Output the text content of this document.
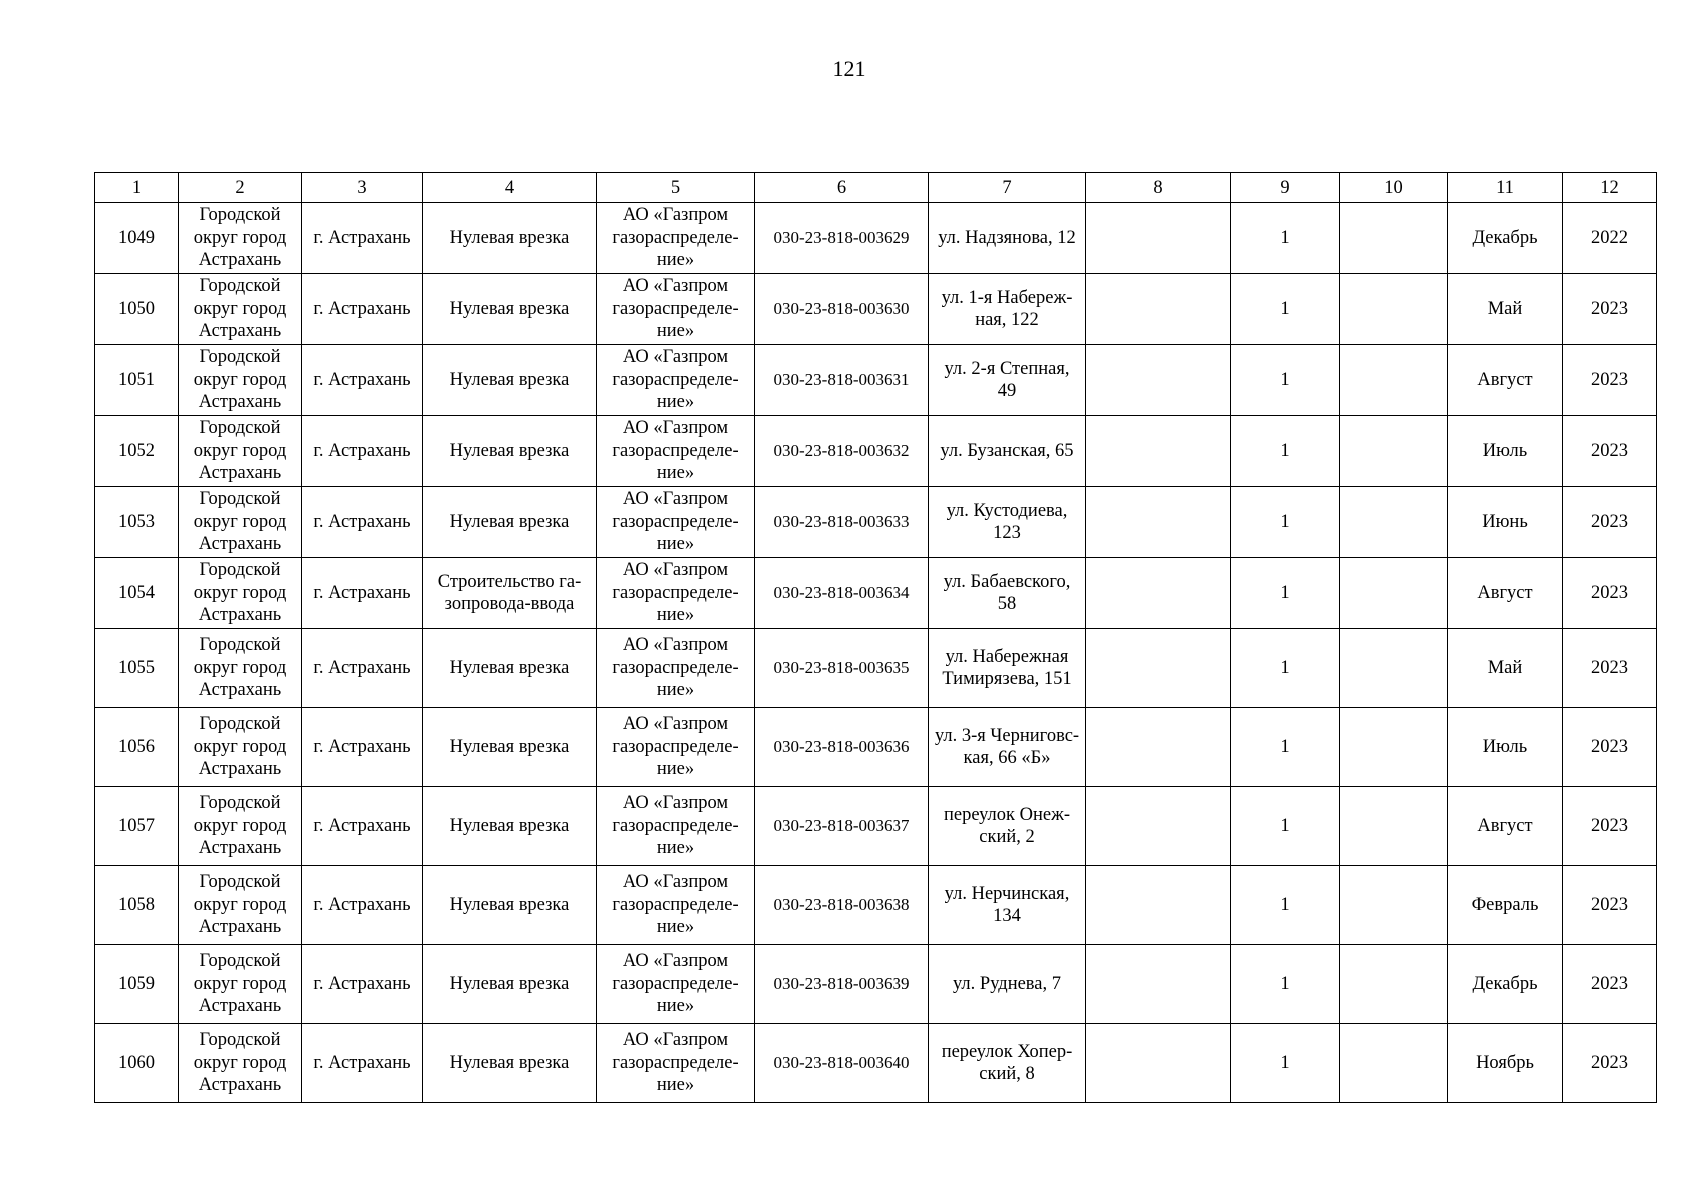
121
1	2	3	4	5	6	7	8	9	10	11	12
1049	Городской
округ город
Астрахань	г. Астрахань	Нулевая врезка	АО «Газпром
газораспределе-
ние»	030-23-818-003629	ул. Надзянова, 12		1		Декабрь	2022
1050	Городской
округ город
Астрахань	г. Астрахань	Нулевая врезка	АО «Газпром
газораспределе-
ние»	030-23-818-003630	ул. 1-я Набереж-
ная, 122		1		Май	2023
1051	Городской
округ город
Астрахань	г. Астрахань	Нулевая врезка	АО «Газпром
газораспределе-
ние»	030-23-818-003631	ул. 2-я Степная,
49		1		Август	2023
1052	Городской
округ город
Астрахань	г. Астрахань	Нулевая врезка	АО «Газпром
газораспределе-
ние»	030-23-818-003632	ул. Бузанская, 65		1		Июль	2023
1053	Городской
округ город
Астрахань	г. Астрахань	Нулевая врезка	АО «Газпром
газораспределе-
ние»	030-23-818-003633	ул. Кустодиева,
123		1		Июнь	2023
1054	Городской
округ город
Астрахань	г. Астрахань	Строительство га-
зопровода-ввода	АО «Газпром
газораспределе-
ние»	030-23-818-003634	ул. Бабаевского,
58		1		Август	2023
1055	Городской
округ город
Астрахань	г. Астрахань	Нулевая врезка	АО «Газпром
газораспределе-
ние»	030-23-818-003635	ул. Набережная
Тимирязева, 151		1		Май	2023
1056	Городской
округ город
Астрахань	г. Астрахань	Нулевая врезка	АО «Газпром
газораспределе-
ние»	030-23-818-003636	ул. 3-я Черниговс-
кая, 66 «Б»		1		Июль	2023
1057	Городской
округ город
Астрахань	г. Астрахань	Нулевая врезка	АО «Газпром
газораспределе-
ние»	030-23-818-003637	переулок Онеж-
ский, 2		1		Август	2023
1058	Городской
округ город
Астрахань	г. Астрахань	Нулевая врезка	АО «Газпром
газораспределе-
ние»	030-23-818-003638	ул. Нерчинская,
134		1		Февраль	2023
1059	Городской
округ город
Астрахань	г. Астрахань	Нулевая врезка	АО «Газпром
газораспределе-
ние»	030-23-818-003639	ул. Руднева, 7		1		Декабрь	2023
1060	Городской
округ город
Астрахань	г. Астрахань	Нулевая врезка	АО «Газпром
газораспределе-
ние»	030-23-818-003640	переулок Хопер-
ский, 8		1		Ноябрь	2023
